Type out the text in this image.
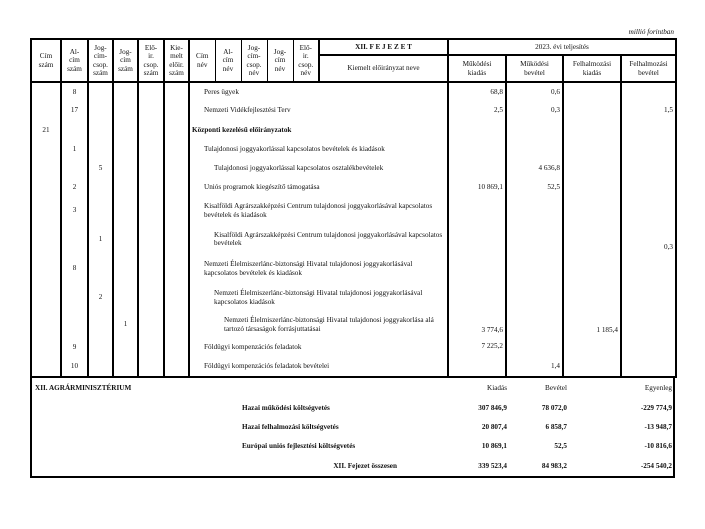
millió forintban
Cím
szám	Al-
cím
szám	Jog-
cím-
csop.
szám	Jog-
cím
szám	Elő-
ir.
csop.
szám	Kie-
melt
előir.
szám	Cím
név	Al-
cím
név	Jog-
cím-
csop.
név	Jog-
cím
név	Elő-
ir.
csop.
név	XII. F E J E Z E T	2023. évi teljesítés			
											Kiemelt előirányzat neve	Működési kiadás	Működési bevétel	Felhalmozási kiadás	Felhalmozási bevétel
	8					Peres ügyek						68,8	0,6		
	17					Nemzeti Vidékfejlesztési Terv						2,5	0,3		1,5
21						Központi kezelésű előirányzatok									
	1					Tulajdonosi joggyakorlással kapcsolatos bevételek és kiadások									
		5				Tulajdonosi joggyakorlással kapcsolatos osztalékbevételek							4 636,8		
	2					Uniós programok kiegészítő támogatása						10 869,1	52,5		
	3					Kisalföldi Agrárszakképzési Centrum tulajdonosi joggyakorlásával kapcsolatos bevételek és kiadások									
		1				Kisalföldi Agrárszakképzési Centrum tulajdonosi joggyakorlásával kapcsolatos bevételek									0,3
	8					Nemzeti Élelmiszerlánc-biztonsági Hivatal tulajdonosi joggyakorlásával kapcsolatos bevételek és kiadások									
		2				Nemzeti Élelmiszerlánc-biztonsági Hivatal tulajdonosi joggyakorlásával kapcsolatos kiadások									
			1			Nemzeti Élelmiszerlánc-biztonsági Hivatal tulajdonosi joggyakorlása alá tartozó társaságok forrásjuttatásai						3 774,6		1 185,4	
	9					Földügyi kompenzációs feladatok						7 225,2			
	10					Földügyi kompenzációs feladatok bevételei							1,4		
XII. AGRÁRMINISZTÉRIUM	Kiadás	Bevétel	Egyenleg
Hazai működési költségvetés	307 846,9	78 072,0	-229 774,9
Hazai felhalmozási költségvetés	20 807,4	6 858,7	-13 948,7
Európai uniós fejlesztési költségvetés	10 869,1	52,5	-10 816,6
XII. Fejezet összesen	339 523,4	84 983,2	-254 540,2
